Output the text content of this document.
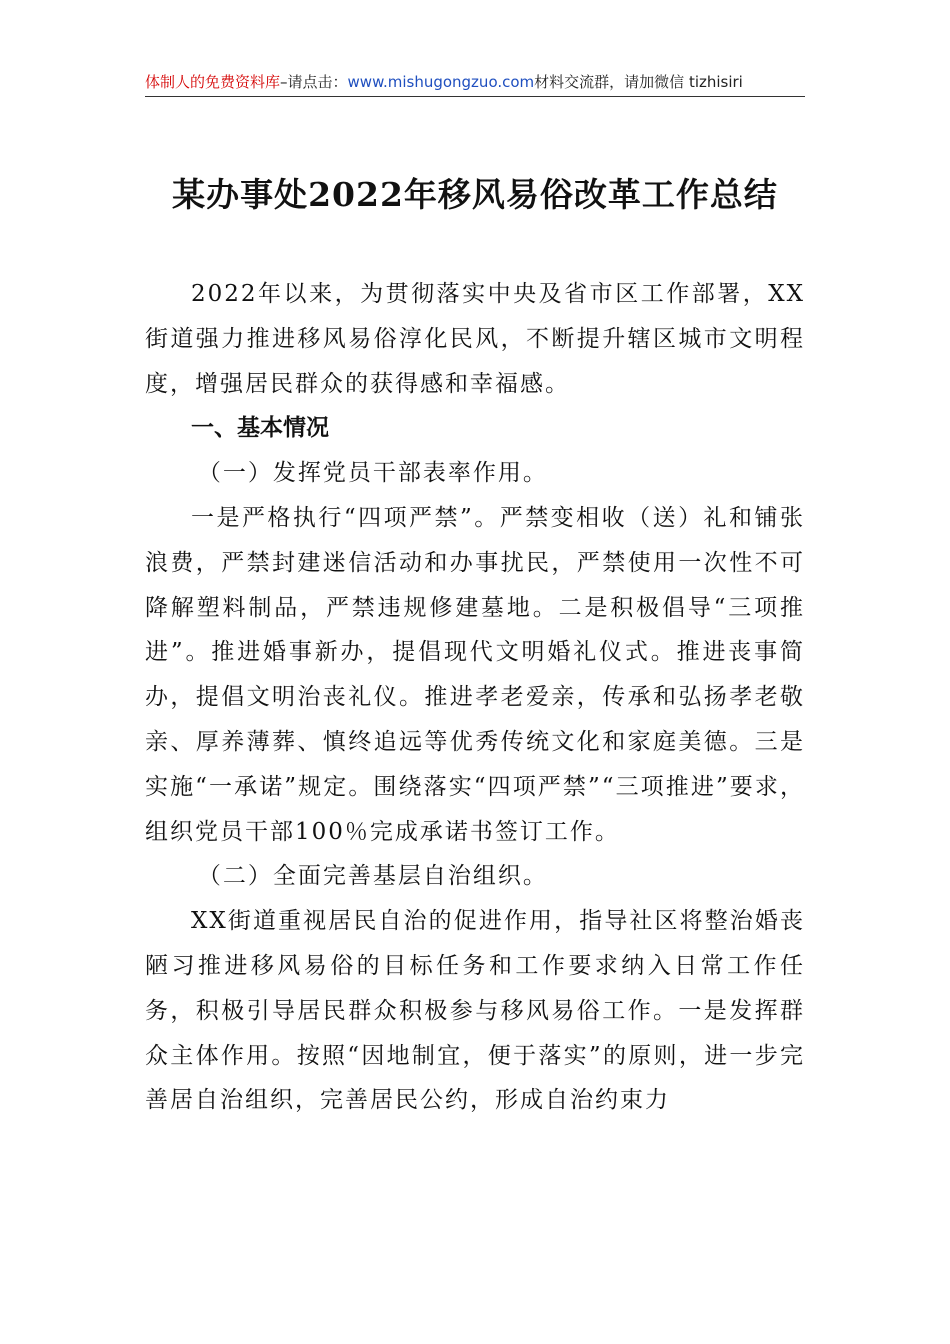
体制人的免费资料库–请点击：www.mishugongzuo.com材料交流群，请加微信 tizhisiri
某办事处2022年移风易俗改革工作总结

2022年以来，为贯彻落实中央及省市区工作部署，XX街道强力推进移风易俗淳化民风，不断提升辖区城市文明程度，增强居民群众的获得感和幸福感。

一、基本情况

（一）发挥党员干部表率作用。

一是严格执行“四项严禁”。严禁变相收（送）礼和铺张浪费，严禁封建迷信活动和办事扰民，严禁使用一次性不可降解塑料制品，严禁违规修建墓地。二是积极倡导“三项推进”。推进婚事新办，提倡现代文明婚礼仪式。推进丧事简办，提倡文明治丧礼仪。推进孝老爱亲，传承和弘扬孝老敬亲、厚养薄葬、慎终追远等优秀传统文化和家庭美德。三是实施“一承诺”规定。围绕落实“四项严禁”“三项推进”要求，组织党员干部100％完成承诺书签订工作。

（二）全面完善基层自治组织。

XX街道重视居民自治的促进作用，指导社区将整治婚丧陋习推进移风易俗的目标任务和工作要求纳入日常工作任务，积极引导居民群众积极参与移风易俗工作。一是发挥群众主体作用。按照“因地制宜，便于落实”的原则，进一步完善居自治组织，完善居民公约，形成自治约束力
